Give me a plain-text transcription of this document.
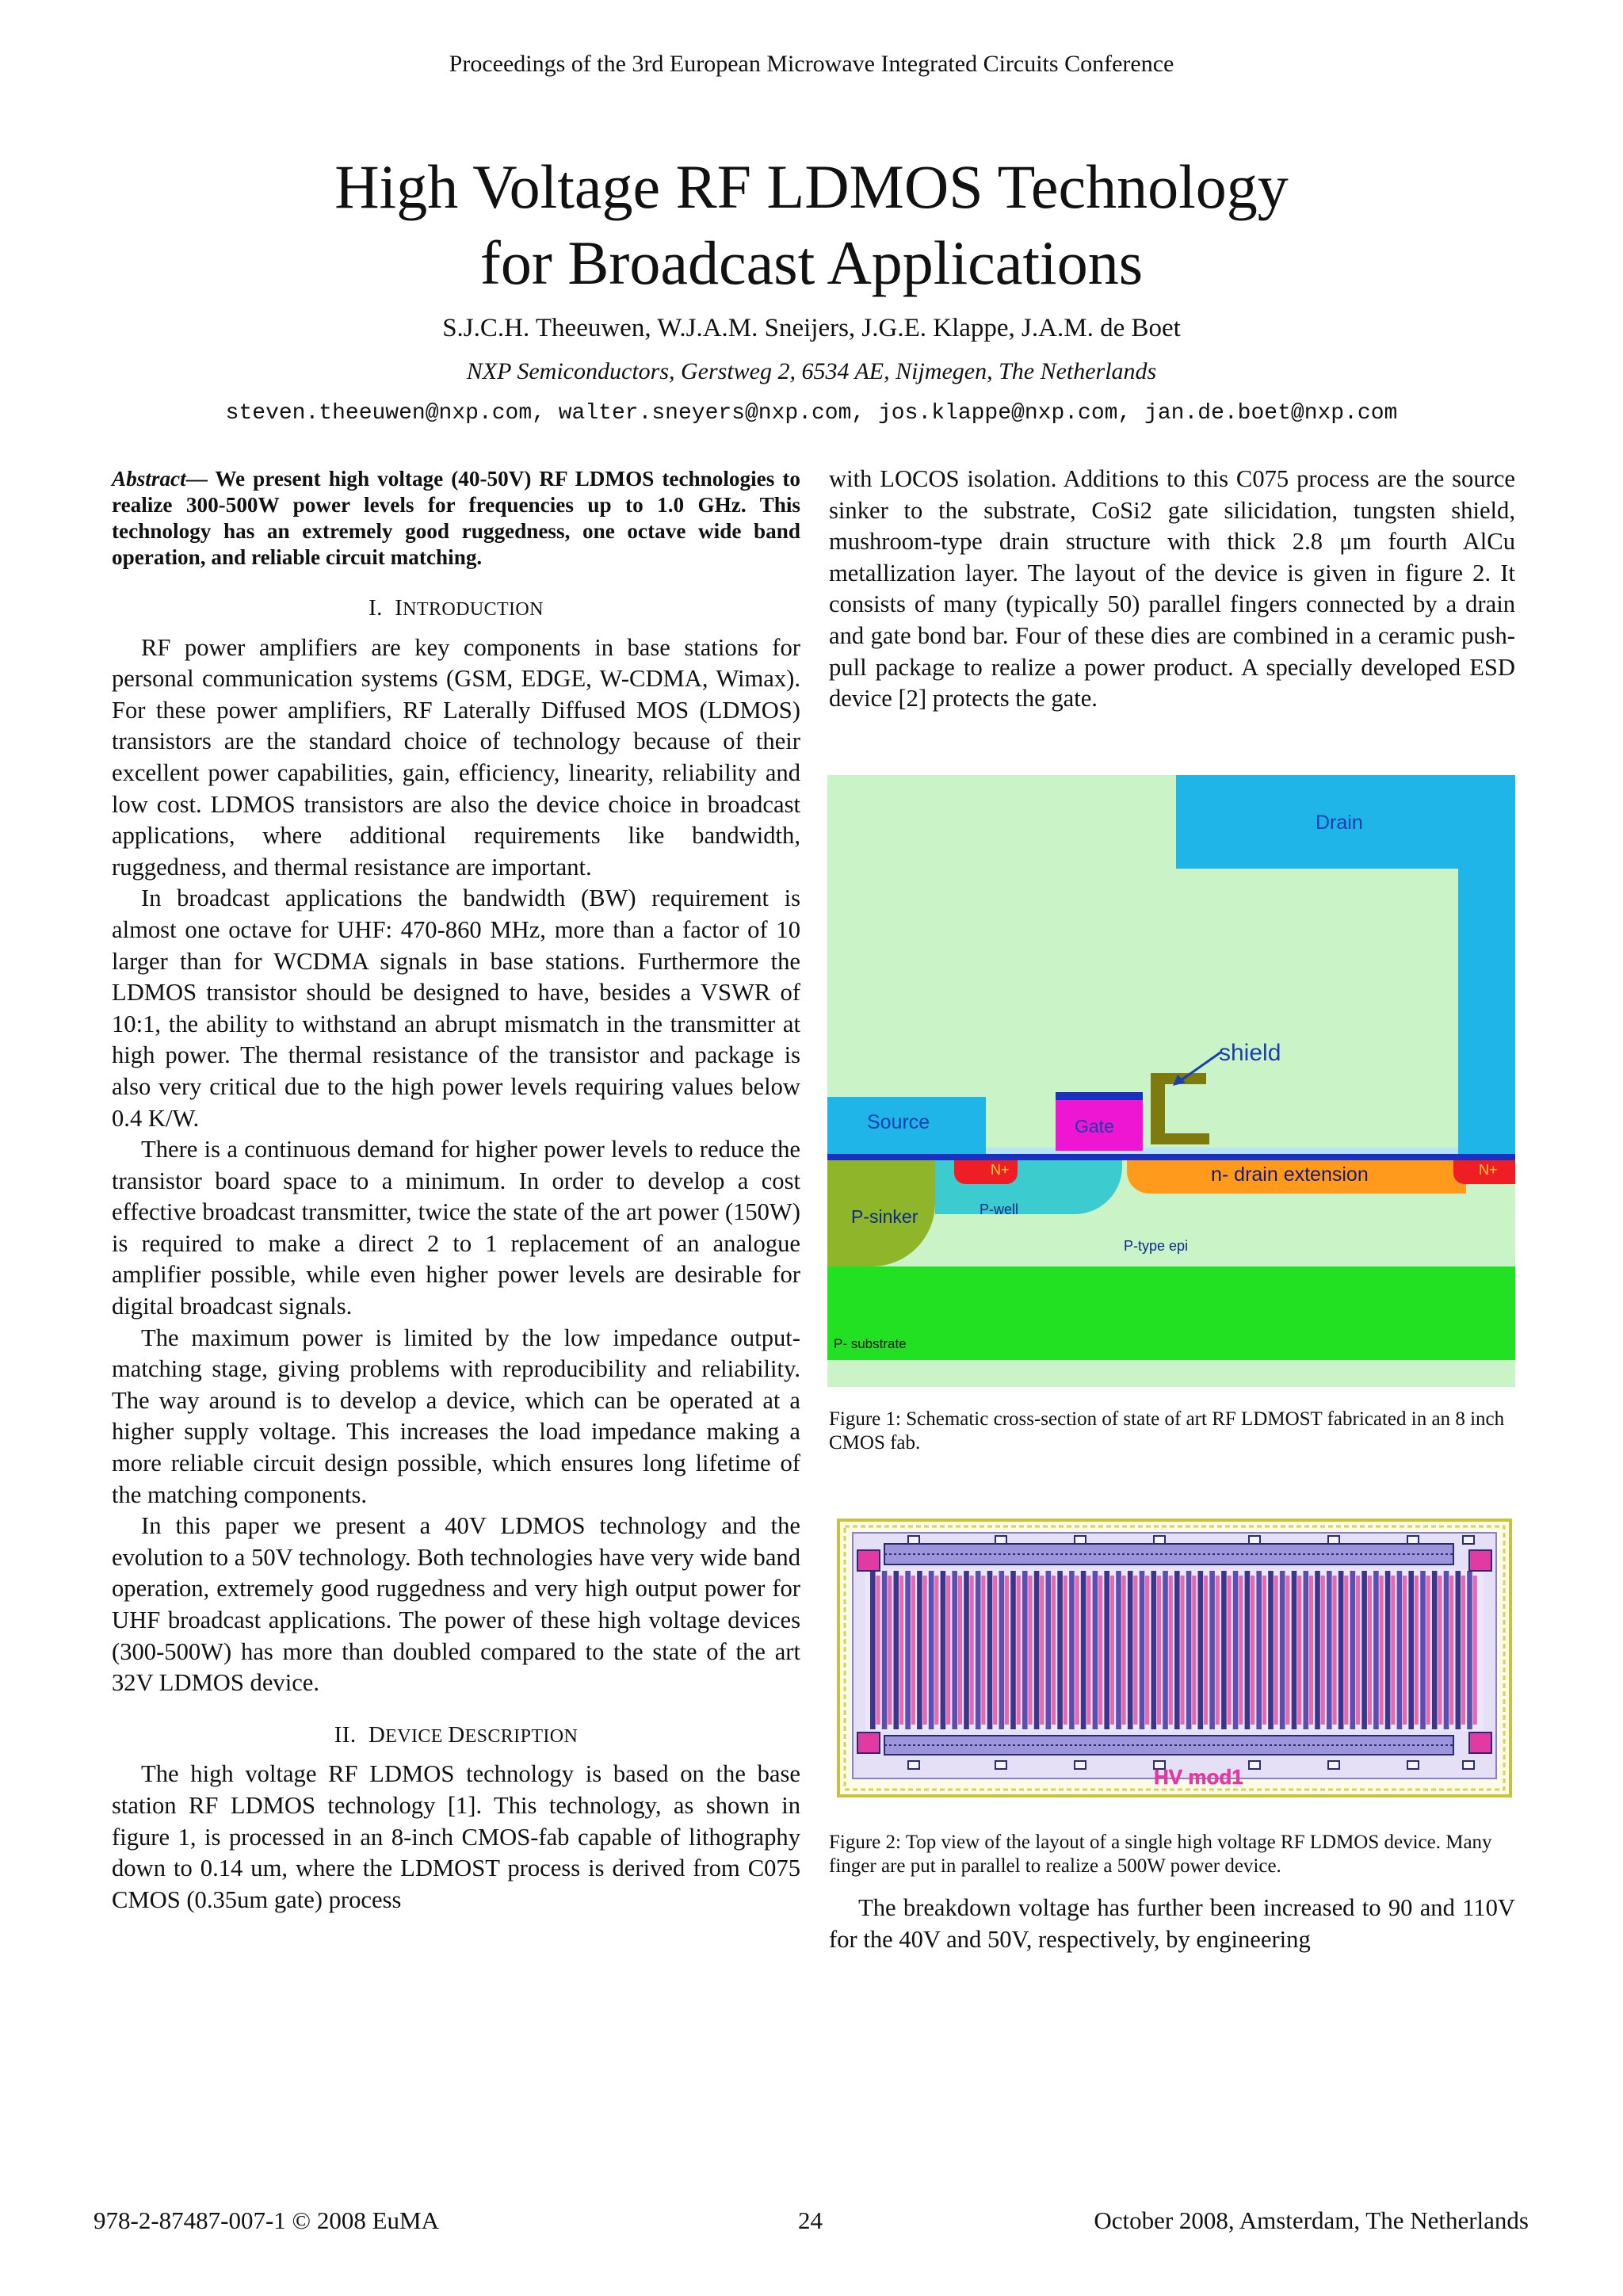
Proceedings of the 3rd European Microwave Integrated Circuits Conference
High Voltage RF LDMOS Technology
for Broadcast Applications
S.J.C.H. Theeuwen, W.J.A.M. Sneijers, J.G.E. Klappe, J.A.M. de Boet
NXP Semiconductors, Gerstweg 2, 6534 AE, Nijmegen, The Netherlands
steven.theeuwen@nxp.com, walter.sneyers@nxp.com, jos.klappe@nxp.com, jan.de.boet@nxp.com

Abstract— We present high voltage (40-50V) RF LDMOS technologies to realize 300-500W power levels for frequencies up to 1.0 GHz. This technology has an extremely good ruggedness, one octave wide band operation, and reliable circuit matching.

I. INTRODUCTION

RF power amplifiers are key components in base stations for personal communication systems (GSM, EDGE, W-CDMA, Wimax). For these power amplifiers, RF Laterally Diffused MOS (LDMOS) transistors are the standard choice of technology because of their excellent power capabilities, gain, efficiency, linearity, reliability and low cost. LDMOS transistors are also the device choice in broadcast applications, where additional requirements like bandwidth, ruggedness, and thermal resistance are important.

In broadcast applications the bandwidth (BW) requirement is almost one octave for UHF: 470-860 MHz, more than a factor of 10 larger than for WCDMA signals in base stations. Furthermore the LDMOS transistor should be designed to have, besides a VSWR of 10:1, the ability to withstand an abrupt mismatch in the transmitter at high power. The thermal resistance of the transistor and package is also very critical due to the high power levels requiring values below 0.4 K/W.

There is a continuous demand for higher power levels to reduce the transistor board space to a minimum. In order to develop a cost effective broadcast transmitter, twice the state of the art power (150W) is required to make a direct 2 to 1 replacement of an analogue amplifier possible, while even higher power levels are desirable for digital broadcast signals.

The maximum power is limited by the low impedance output-matching stage, giving problems with reproducibility and reliability. The way around is to develop a device, which can be operated at a higher supply voltage. This increases the load impedance making a more reliable circuit design possible, which ensures long lifetime of the matching components.

In this paper we present a 40V LDMOS technology and the evolution to a 50V technology. Both technologies have very wide band operation, extremely good ruggedness and very high output power for UHF broadcast applications. The power of these high voltage devices (300-500W) has more than doubled compared to the state of the art 32V LDMOS device.

II. DEVICE DESCRIPTION

The high voltage RF LDMOS technology is based on the base station RF LDMOS technology [1]. This technology, as shown in figure 1, is processed in an 8-inch CMOS-fab capable of lithography down to 0.14 um, where the LDMOST process is derived from C075 CMOS (0.35um gate) process

with LOCOS isolation. Additions to this C075 process are the source sinker to the substrate, CoSi2 gate silicidation, tungsten shield, mushroom-type drain structure with thick 2.8 μm fourth AlCu metallization layer. The layout of the device is given in figure 2. It consists of many (typically 50) parallel fingers connected by a drain and gate bond bar. Four of these dies are combined in a ceramic push-pull package to realize a power product. A specially developed ESD device [2] protects the gate.

P- substrate
Drain
Source
P-sinker	P-well
N+	n- drain extension	N+
P-type epi
Gate
shield
Figure 1: Schematic cross-section of state of art RF LDMOST fabricated in an 8 inch CMOS fab.
HV mod1
Figure 2: Top view of the layout of a single high voltage RF LDMOS device. Many finger are put in parallel to realize a 500W power device.

The breakdown voltage has further been increased to 90 and 110V for the 40V and 50V, respectively, by engineering

978-2-87487-007-1 © 2008 EuMA	24	October 2008, Amsterdam, The Netherlands
